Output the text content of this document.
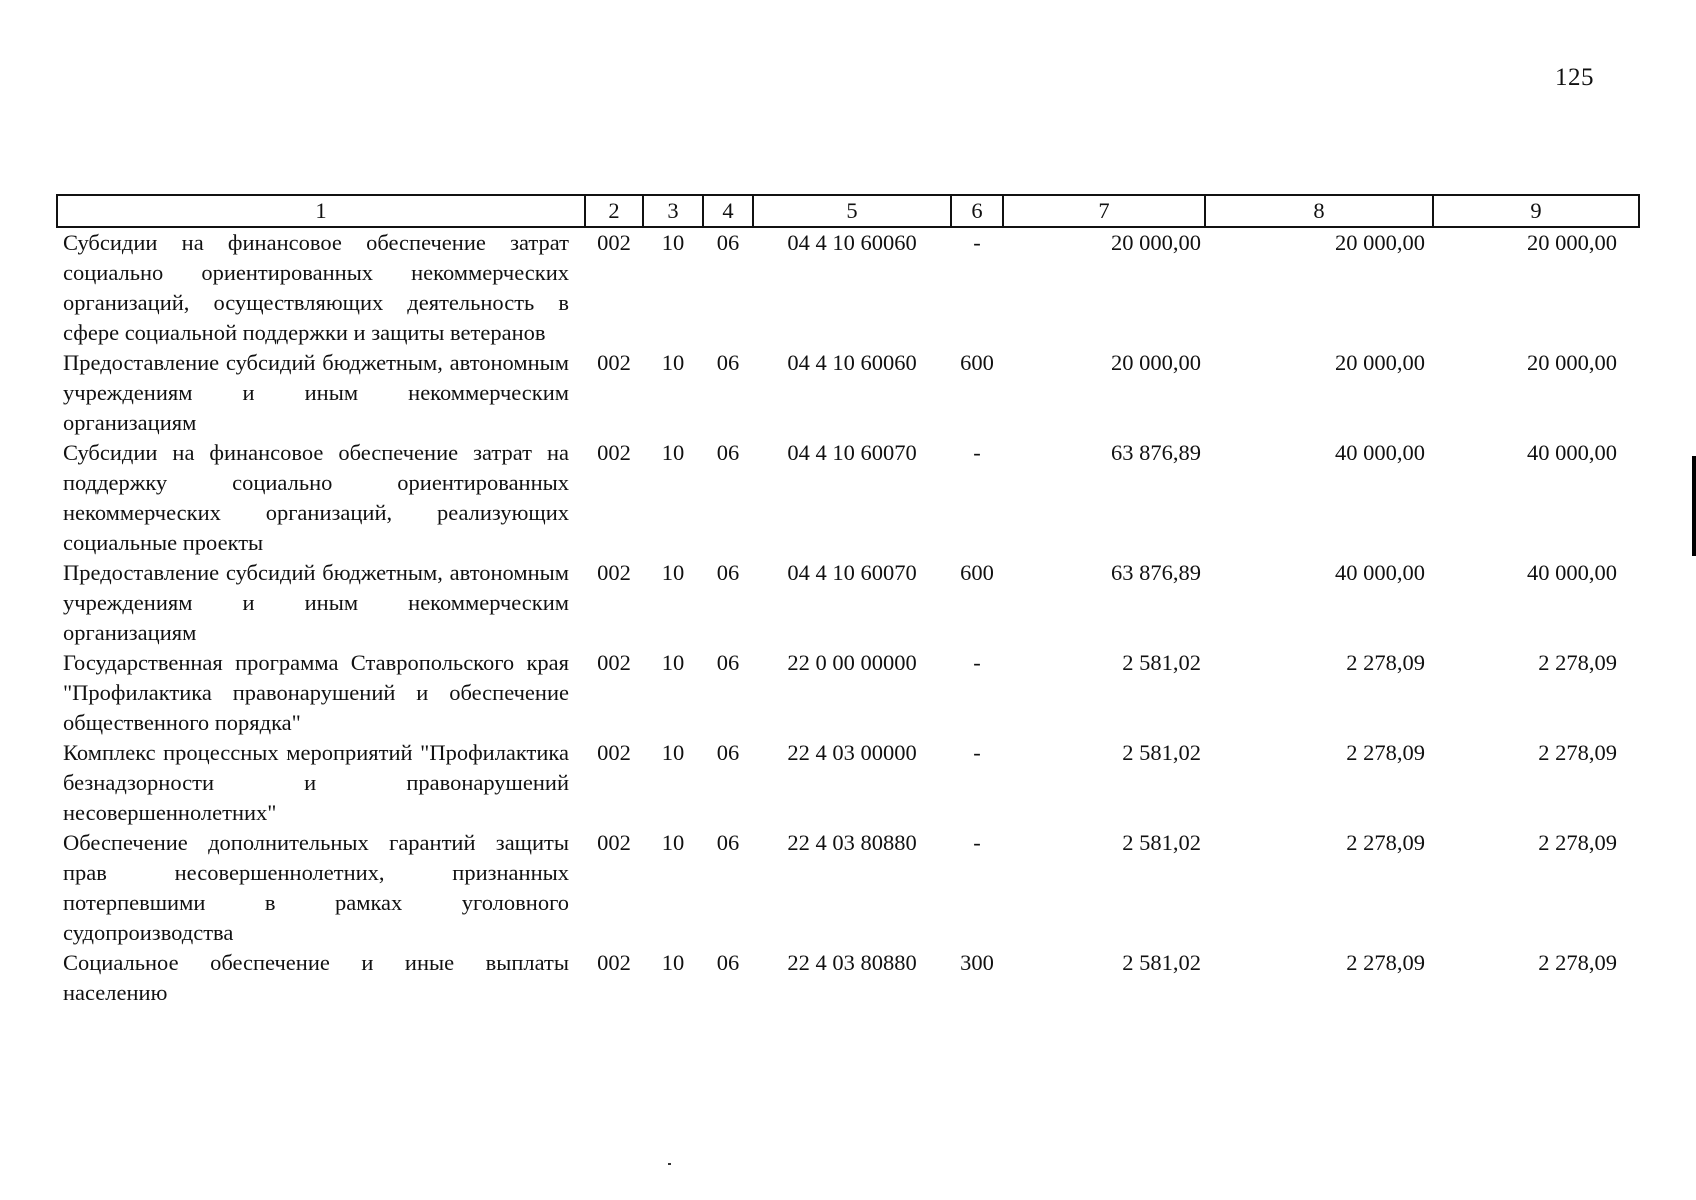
125
1	2	3	4	5	6	7	8	9
Субсидии на финансовое обеспечение затрат социально ориентированных некоммерческих организаций, осуществляющих деятельность в сфере социальной поддержки и защиты ветеранов	002	10	06	04 4 10 60060	-	20 000,00	20 000,00	20 000,00
Предоставление субсидий бюджетным, автономным учреждениям и иным некоммерческим организациям	002	10	06	04 4 10 60060	600	20 000,00	20 000,00	20 000,00
Субсидии на финансовое обеспечение затрат на поддержку социально ориентированных некоммерческих организаций, реализующих социальные проекты	002	10	06	04 4 10 60070	-	63 876,89	40 000,00	40 000,00
Предоставление субсидий бюджетным, автономным учреждениям и иным некоммерческим организациям	002	10	06	04 4 10 60070	600	63 876,89	40 000,00	40 000,00
Государственная программа Ставропольского края "Профилактика правонарушений и обеспечение общественного порядка"	002	10	06	22 0 00 00000	-	2 581,02	2 278,09	2 278,09
Комплекс процессных мероприятий "Профилактика безнадзорности и правонарушений несовершеннолетних"	002	10	06	22 4 03 00000	-	2 581,02	2 278,09	2 278,09
Обеспечение дополнительных гарантий защиты прав несовершеннолетних, признанных потерпевшими в рамках уголовного судопроизводства	002	10	06	22 4 03 80880	-	2 581,02	2 278,09	2 278,09
Социальное обеспечение и иные выплаты населению	002	10	06	22 4 03 80880	300	2 581,02	2 278,09	2 278,09
